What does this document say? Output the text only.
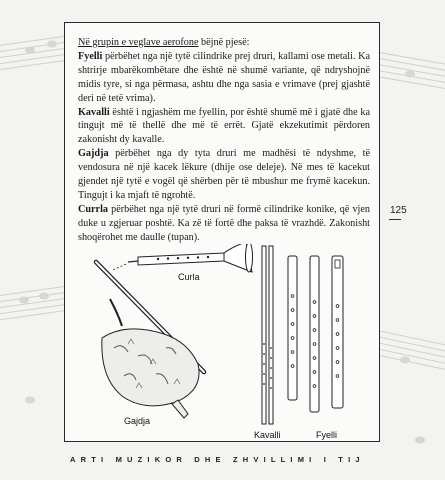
Në grupin e veglave aerofone bëjnë pjesë:

Fyelli përbëhet nga një tytë cilindrike prej druri, kallami ose metali. Ka shtrirje mbarëkombëtare dhe është në shumë variante, që ndryshojnë midis tyre, si nga përmasa, ashtu dhe nga sasia e vrimave (prej gjashtë deri në tetë vrima).

Kavalli është i ngjashëm me fyellin, por është shumë më i gjatë dhe ka tingujt më të thellë dhe më të errët. Gjatë ekzekutimit përdoren zakonisht dy kavalle.

Gajdja përbëhet nga dy tyta druri me madhësi të ndyshme, të vendosura në një kacek lëkure (dhije ose deleje). Në mes të kacekut gjendet një tytë e vogël që shërben për të mbushur me frymë kacekun. Tingujt i ka mjaft të ngrohtë.

Currla përbëhet nga një tytë druri në formë cilindrike konike, që vjen duke u zgjeruar poshtë. Ka zë të fortë dhe paksa të vrazhdë. Zakonisht shoqërohet me daulle (tupan).

125
Curla
Gajdja
Kavalli	Fyelli
ARTI MUZIKOR DHE ZHVILLIMI I TIJ
